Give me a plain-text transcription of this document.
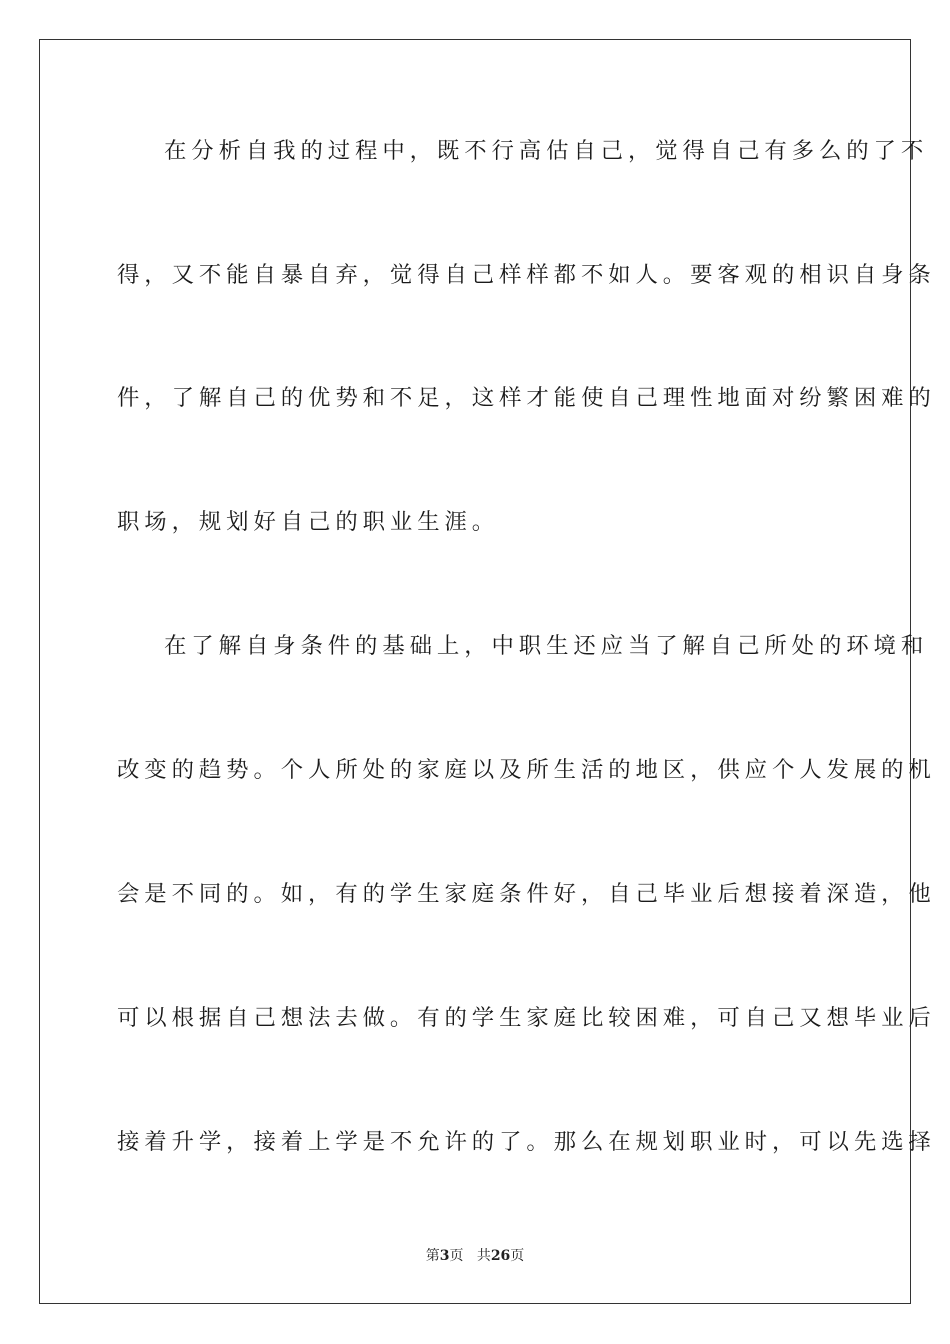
在分析自我的过程中，既不行高估自己，觉得自己有多么的了不
得，又不能自暴自弃，觉得自己样样都不如人。要客观的相识自身条
件，了解自己的优势和不足，这样才能使自己理性地面对纷繁困难的
职场，规划好自己的职业生涯。
在了解自身条件的基础上，中职生还应当了解自己所处的环境和
改变的趋势。个人所处的家庭以及所生活的地区，供应个人发展的机
会是不同的。如，有的学生家庭条件好，自己毕业后想接着深造，他
可以根据自己想法去做。有的学生家庭比较困难，可自己又想毕业后
接着升学，接着上学是不允许的了。那么在规划职业时，可以先选择
第3页 共26页
